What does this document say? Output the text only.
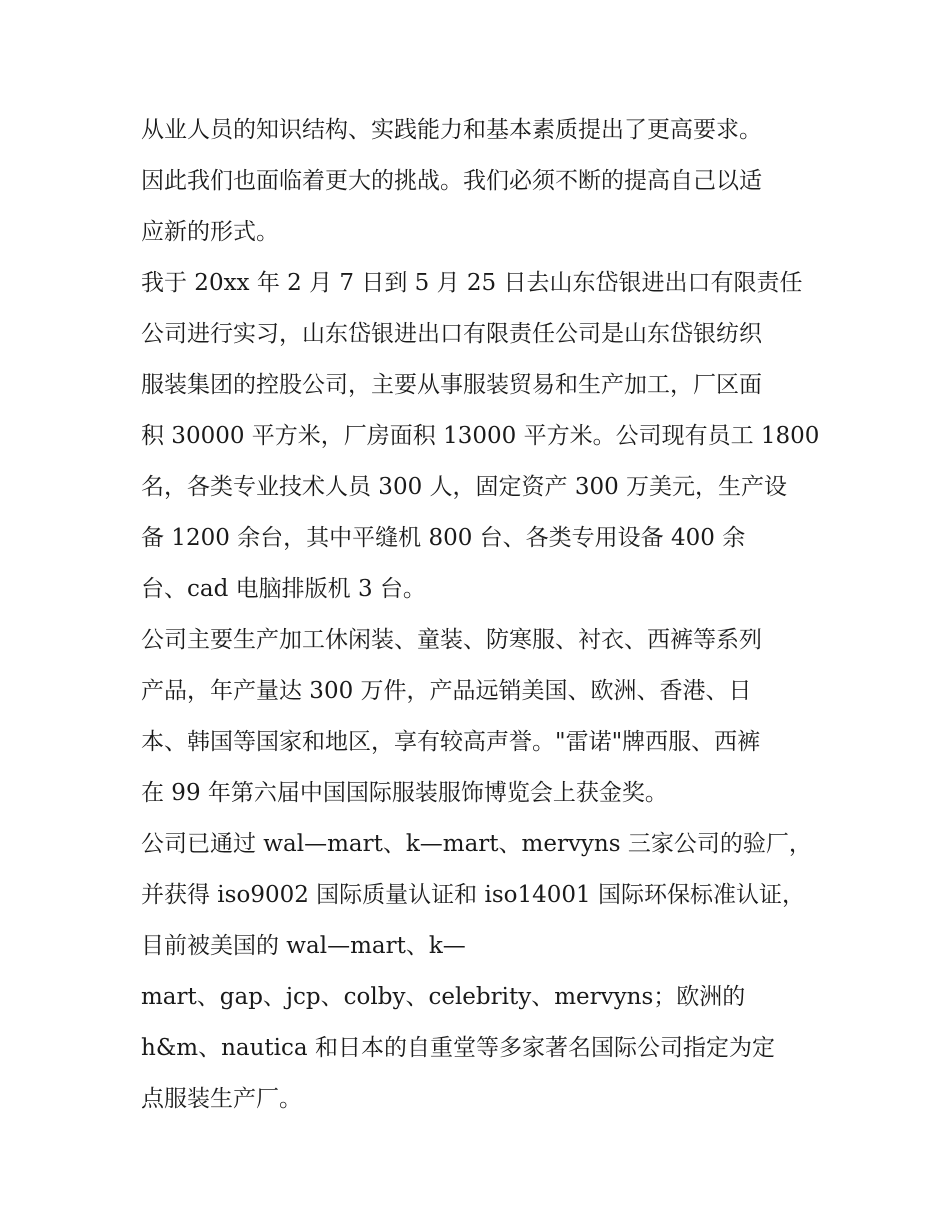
从业人员的知识结构、实践能力和基本素质提出了更高要求。
因此我们也面临着更大的挑战。我们必须不断的提高自己以适
应新的形式。
我于 20xx 年 2 月 7 日到 5 月 25 日去山东岱银进出口有限责任
公司进行实习，山东岱银进出口有限责任公司是山东岱银纺织
服装集团的控股公司，主要从事服装贸易和生产加工，厂区面
积 30000 平方米，厂房面积 13000 平方米。公司现有员工 1800
名，各类专业技术人员 300 人，固定资产 300 万美元，生产设
备 1200 余台，其中平缝机 800 台、各类专用设备 400 余
台、cad 电脑排版机 3 台。
公司主要生产加工休闲装、童装、防寒服、衬衣、西裤等系列
产品，年产量达 300 万件，产品远销美国、欧洲、香港、日
本、韩国等国家和地区，享有较高声誉。"雷诺"牌西服、西裤
在 99 年第六届中国国际服装服饰博览会上获金奖。
公司已通过 wal—mart、k—mart、mervyns 三家公司的验厂，
并获得 iso9002 国际质量认证和 iso14001 国际环保标准认证，
目前被美国的 wal—mart、k—
mart、gap、jcp、colby、celebrity、mervyns；欧洲的
h&m、nautica 和日本的自重堂等多家著名国际公司指定为定
点服装生产厂。
